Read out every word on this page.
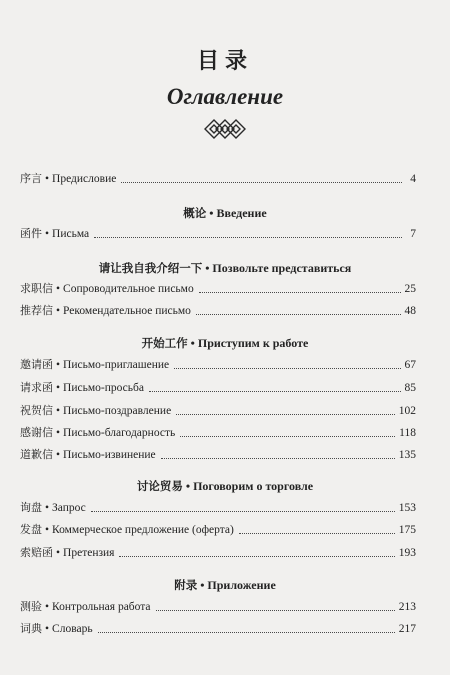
目录
Оглавление
序言 • Предисловие	4
概论 • Введение
函件 • Письма	7
请让我自我介绍一下 • Позвольте представиться
求职信 • Сопроводительное письмо	25
推荐信 • Рекомендательное письмо	48
开始工作 • Приступим к работе
邀请函 • Письмо-приглашение	67
请求函 • Письмо-просьба	85
祝贺信 • Письмо-поздравление	102
感谢信 • Письмо-благодарность	118
道歉信 • Письмо-извинение	135
讨论贸易 • Поговорим о торговле
询盘 • Запрос	153
发盘 • Коммерческое предложение (оферта)	175
索赔函 • Претензия	193
附录 • Приложение
测验 • Контрольная работа	213
词典 • Словарь	217
